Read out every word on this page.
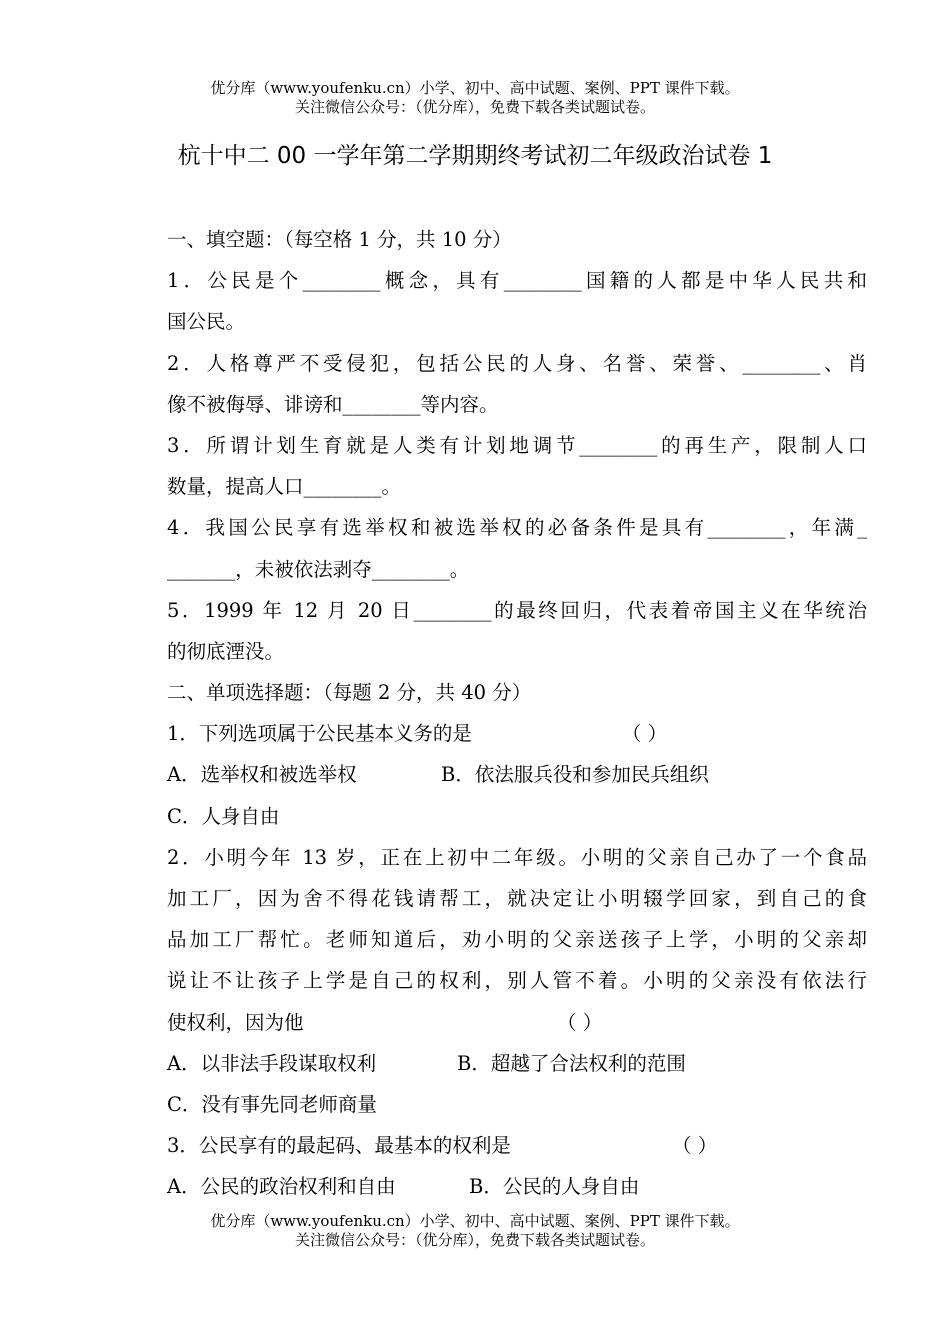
优分库（www.youfenku.cn）小学、初中、高中试题、案例、PPT 课件下载。
关注微信公众号：（优分库），免费下载各类试题试卷。
杭十中二 00 一学年第二学期期终考试初二年级政治试卷 1
一、填空题：（每空格 1 分，共 10 分）
1．公民是个________概念，具有________国籍的人都是中华人民共和
国公民。
2．人格尊严不受侵犯，包括公民的人身、名誉、荣誉、________、肖
像不被侮辱、诽谤和________等内容。
3．所谓计划生育就是人类有计划地调节________的再生产，限制人口
数量，提高人口________。
4．我国公民享有选举权和被选举权的必备条件是具有________，年满_
_______，未被依法剥夺________。
5．1999 年 12 月 20 日________的最终回归，代表着帝国主义在华统治
的彻底湮没。
二、单项选择题：（每题 2 分，共 40 分）
1．下列选项属于公民基本义务的是	（ ）
A．选举权和被选举权	B．依法服兵役和参加民兵组织
C．人身自由
2．小明今年 13 岁，正在上初中二年级。小明的父亲自己办了一个食品
加工厂，因为舍不得花钱请帮工，就决定让小明辍学回家，到自己的食
品加工厂帮忙。老师知道后，劝小明的父亲送孩子上学，小明的父亲却
说让不让孩子上学是自己的权利，别人管不着。小明的父亲没有依法行
使权利，因为他	（ ）
A．以非法手段谋取权利	B．超越了合法权利的范围
C．没有事先同老师商量
3．公民享有的最起码、最基本的权利是	（ ）
A．公民的政治权利和自由	B．公民的人身自由
优分库（www.youfenku.cn）小学、初中、高中试题、案例、PPT 课件下载。
关注微信公众号：（优分库），免费下载各类试题试卷。
